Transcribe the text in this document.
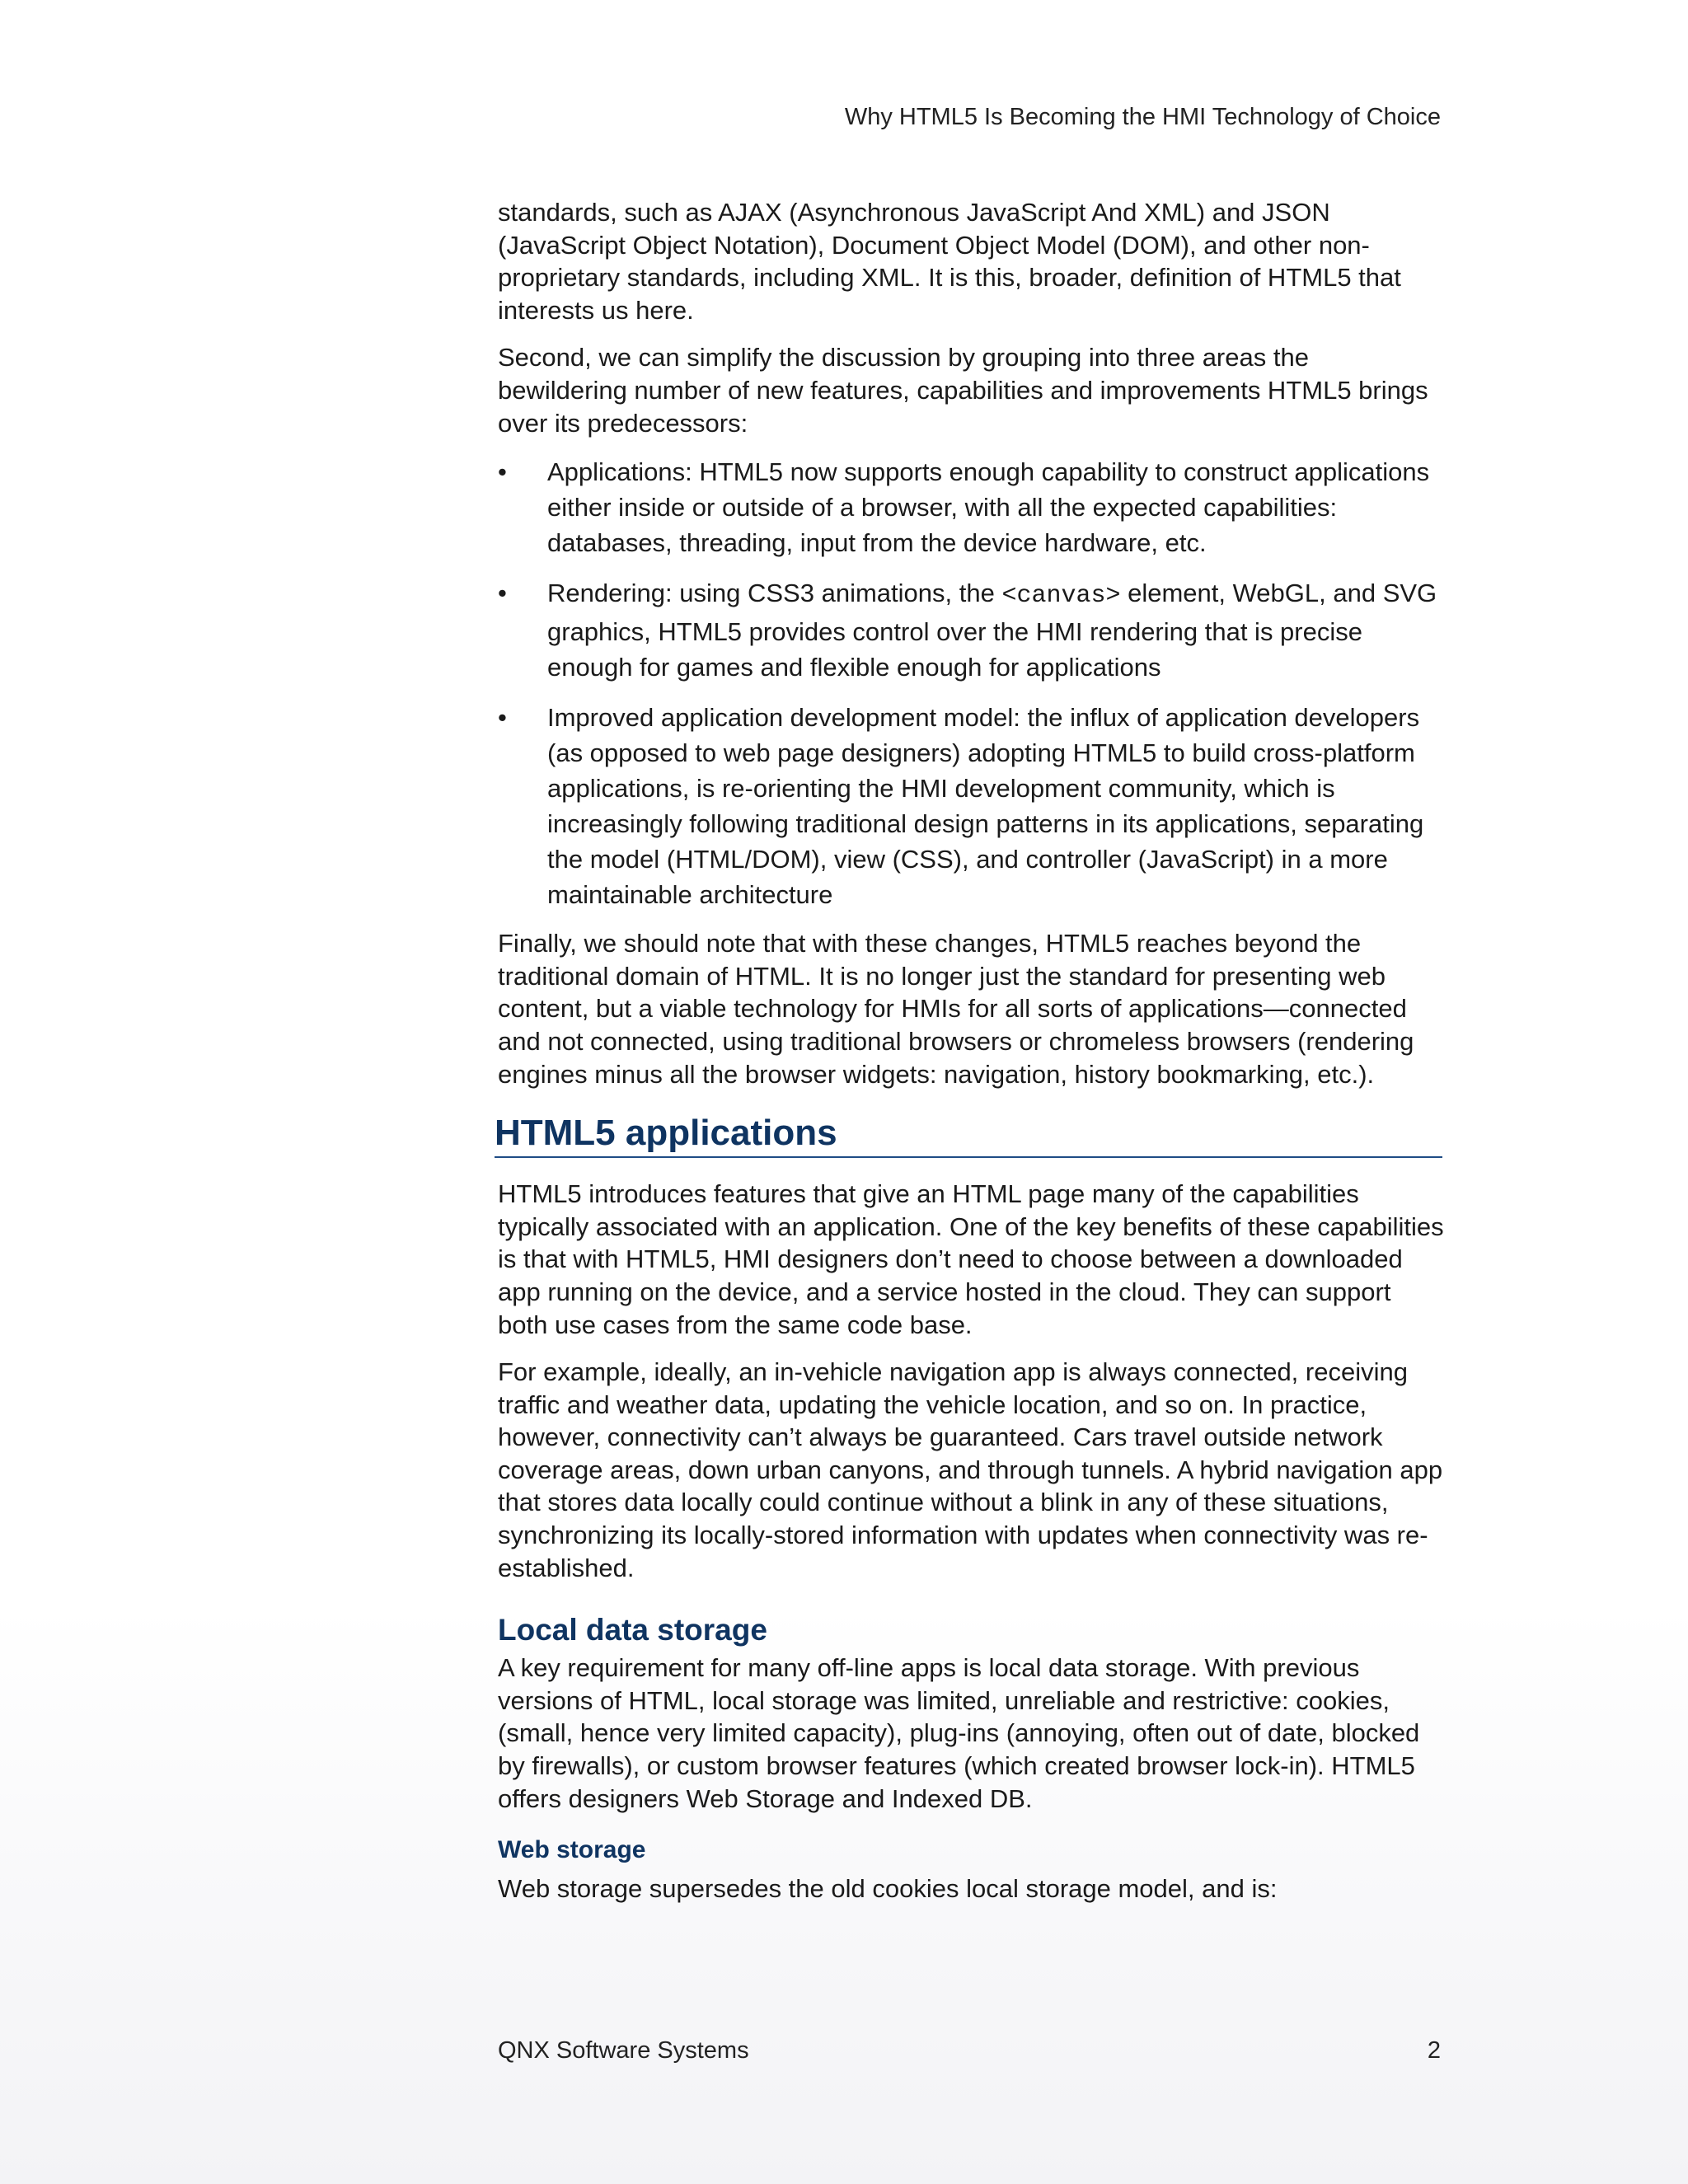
Why HTML5 Is Becoming the HMI Technology of Choice

standards, such as AJAX (Asynchronous JavaScript And XML) and JSON (JavaScript Object Notation), Document Object Model (DOM), and other non-proprietary standards, including XML. It is this, broader, definition of HTML5 that interests us here.

Second, we can simplify the discussion by grouping into three areas the bewildering number of new features, capabilities and improvements HTML5 brings over its predecessors:

• Applications: HTML5 now supports enough capability to construct applications either inside or outside of a browser, with all the expected capabilities: databases, threading, input from the device hardware, etc.
• Rendering: using CSS3 animations, the <canvas> element, WebGL, and SVG graphics, HTML5 provides control over the HMI rendering that is precise enough for games and flexible enough for applications
• Improved application development model: the influx of application developers (as opposed to web page designers) adopting HTML5 to build cross-platform applications, is re-orienting the HMI development community, which is increasingly following traditional design patterns in its applications, separating the model (HTML/DOM), view (CSS), and controller (JavaScript) in a more maintainable architecture

Finally, we should note that with these changes, HTML5 reaches beyond the traditional domain of HTML. It is no longer just the standard for presenting web content, but a viable technology for HMIs for all sorts of applications—connected and not connected, using traditional browsers or chromeless browsers (rendering engines minus all the browser widgets: navigation, history bookmarking, etc.).

HTML5 applications

HTML5 introduces features that give an HTML page many of the capabilities typically associated with an application. One of the key benefits of these capabilities is that with HTML5, HMI designers don’t need to choose between a downloaded app running on the device, and a service hosted in the cloud. They can support both use cases from the same code base.

For example, ideally, an in-vehicle navigation app is always connected, receiving traffic and weather data, updating the vehicle location, and so on. In practice, however, connectivity can’t always be guaranteed. Cars travel outside network coverage areas, down urban canyons, and through tunnels. A hybrid navigation app that stores data locally could continue without a blink in any of these situations, synchronizing its locally-stored information with updates when connectivity was re-established.

Local data storage

A key requirement for many off-line apps is local data storage. With previous versions of HTML, local storage was limited, unreliable and restrictive: cookies, (small, hence very limited capacity), plug-ins (annoying, often out of date, blocked by firewalls), or custom browser features (which created browser lock-in). HTML5 offers designers Web Storage and Indexed DB.

Web storage

Web storage supersedes the old cookies local storage model, and is:

QNX Software Systems	2
